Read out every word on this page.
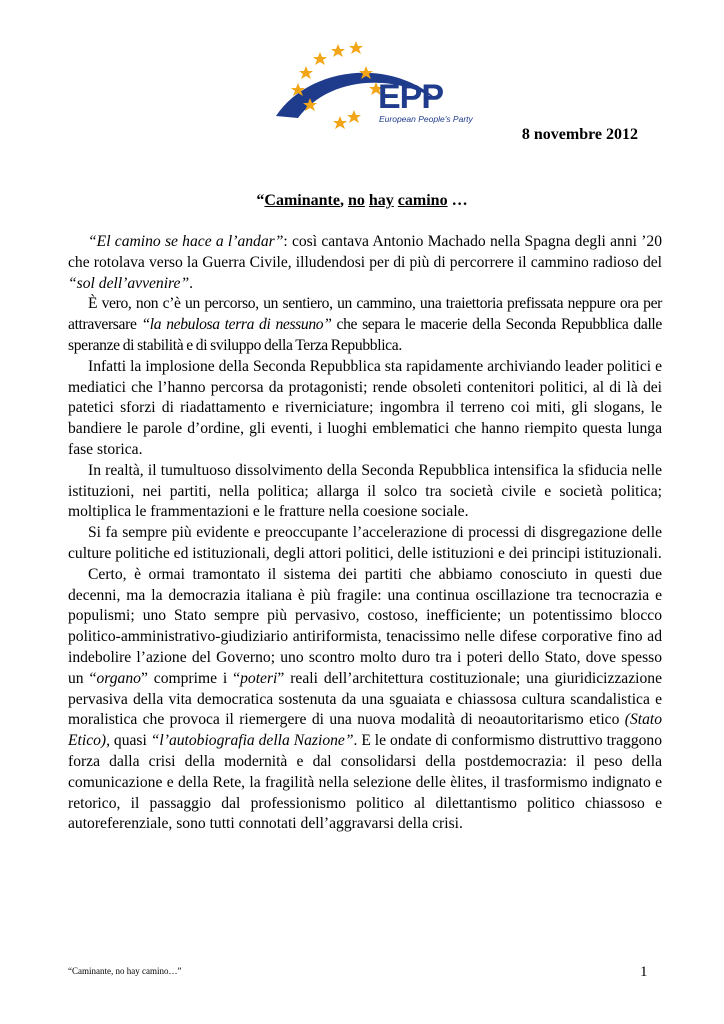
EPP
European People's Party
8 novembre 2012
“Caminante, no hay camino …

“El camino se hace a l’andar”: così cantava Antonio Machado nella Spagna degli anni ’20 che rotolava verso la Guerra Civile, illudendosi per di più di percorrere il cammino radioso del “sol dell’avvenire”.

È vero, non c’è un percorso, un sentiero, un cammino, una traiettoria prefissata neppure ora per attraversare “la nebulosa terra di nessuno” che separa le macerie della Seconda Repubblica dalle speranze di stabilità e di sviluppo della Terza Repubblica.

Infatti la implosione della Seconda Repubblica sta rapidamente archiviando leader politici e mediatici che l’hanno percorsa da protagonisti; rende obsoleti contenitori politici, al di là dei patetici sforzi di riadattamento e riverniciature; ingombra il terreno coi miti, gli slogans, le bandiere le parole d’ordine, gli eventi, i luoghi emblematici che hanno riempito questa lunga fase storica.

In realtà, il tumultuoso dissolvimento della Seconda Repubblica intensifica la sfiducia nelle istituzioni, nei partiti, nella politica; allarga il solco tra società civile e società politica; moltiplica le frammentazioni e le fratture nella coesione sociale.

Si fa sempre più evidente e preoccupante l’accelerazione di processi di disgregazione delle culture politiche ed istituzionali, degli attori politici, delle istituzioni e dei principi istituzionali.

Certo, è ormai tramontato il sistema dei partiti che abbiamo conosciuto in questi due decenni, ma la democrazia italiana è più fragile: una continua oscillazione tra tecnocrazia e populismi; uno Stato sempre più pervasivo, costoso, inefficiente; un potentissimo blocco politico-amministrativo-giudiziario antiriformista, tenacissimo nelle difese corporative fino ad indebolire l’azione del Governo; uno scontro molto duro tra i poteri dello Stato, dove spesso un “organo” comprime i “poteri” reali dell’architettura costituzionale; una giuridicizzazione pervasiva della vita democratica sostenuta da una sguaiata e chiassosa cultura scandalistica e moralistica che provoca il riemergere di una nuova modalità di neoautoritarismo etico (Stato Etico), quasi “l’autobiografia della Nazione”. E le ondate di conformismo distruttivo traggono forza dalla crisi della modernità e dal consolidarsi della postdemocrazia: il peso della comunicazione e della Rete, la fragilità nella selezione delle èlites, il trasformismo indignato e retorico, il passaggio dal professionismo politico al dilettantismo politico chiassoso e autoreferenziale, sono tutti connotati dell’aggravarsi della crisi.

“Caminante, no hay camino…”	1
